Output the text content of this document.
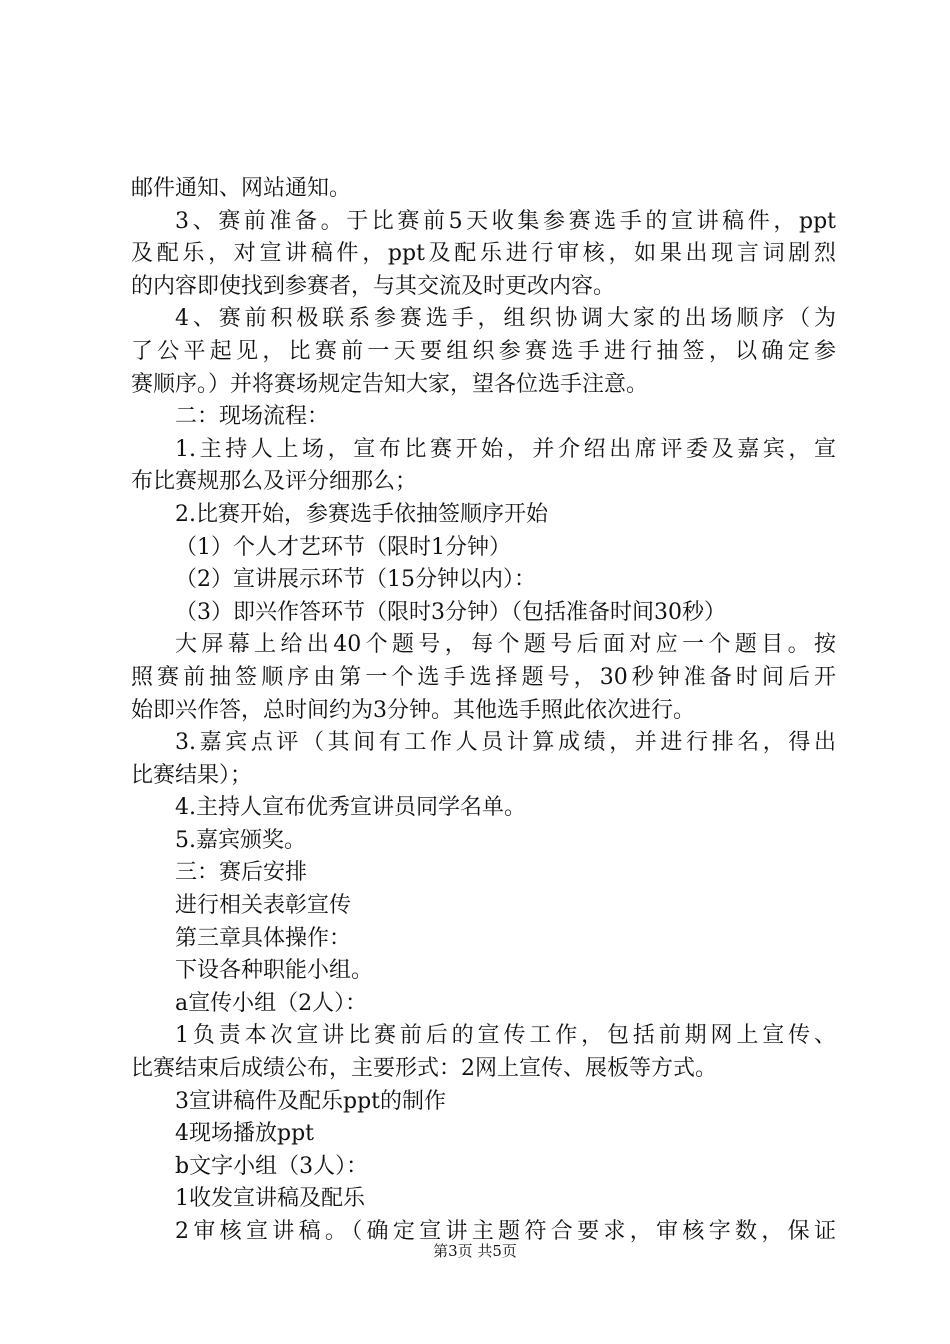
邮件通知、网站通知。
3、赛前准备。于比赛前5天收集参赛选手的宣讲稿件，ppt
及配乐，对宣讲稿件，ppt及配乐进行审核，如果出现言词剧烈
的内容即使找到参赛者，与其交流及时更改内容。
4、赛前积极联系参赛选手，组织协调大家的出场顺序（为
了公平起见，比赛前一天要组织参赛选手进行抽签，以确定参
赛顺序。）并将赛场规定告知大家，望各位选手注意。
二：现场流程：
1.主持人上场，宣布比赛开始，并介绍出席评委及嘉宾，宣
布比赛规那么及评分细那么；
2.比赛开始，参赛选手依抽签顺序开始
（1）个人才艺环节（限时1分钟）
（2）宣讲展示环节（15分钟以内）：
（3）即兴作答环节（限时3分钟）（包括准备时间30秒）
大屏幕上给出40个题号，每个题号后面对应一个题目。按
照赛前抽签顺序由第一个选手选择题号，30秒钟准备时间后开
始即兴作答，总时间约为3分钟。其他选手照此依次进行。
3.嘉宾点评（其间有工作人员计算成绩，并进行排名，得出
比赛结果）；
4.主持人宣布优秀宣讲员同学名单。
5.嘉宾颁奖。
三：赛后安排
进行相关表彰宣传
第三章具体操作：
下设各种职能小组。
a宣传小组（2人）：
1负责本次宣讲比赛前后的宣传工作，包括前期网上宣传、
比赛结束后成绩公布，主要形式：2网上宣传、展板等方式。
3宣讲稿件及配乐ppt的制作
4现场播放ppt
b文字小组（3人）：
1收发宣讲稿及配乐
2审核宣讲稿。（确定宣讲主题符合要求，审核字数，保证
第3页 共5页
